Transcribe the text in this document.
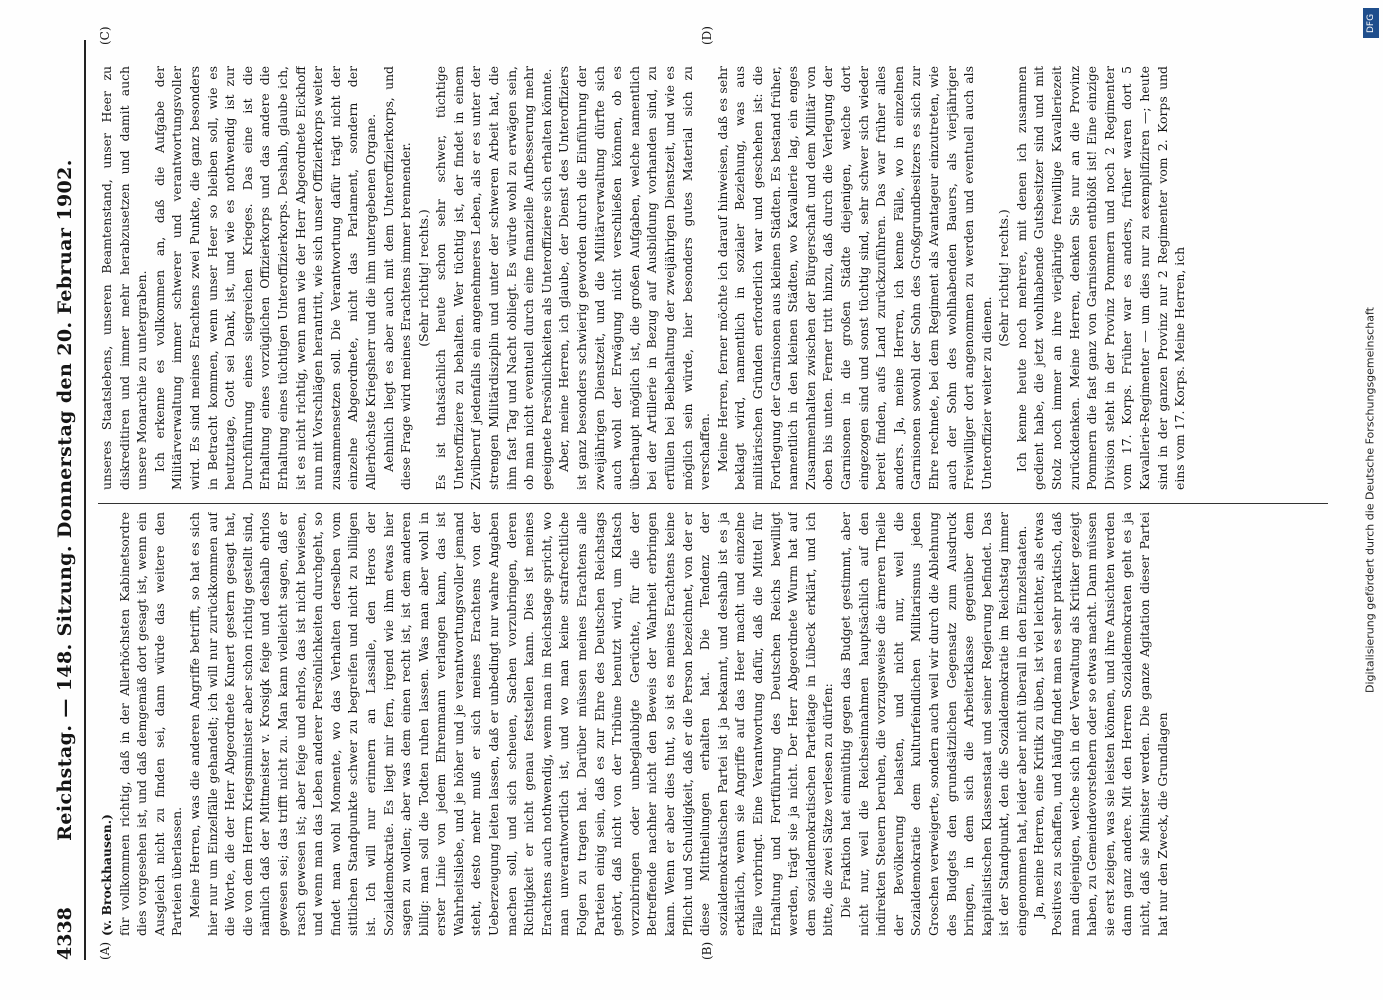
4338
Reichstag. — 148. Sitzung. Donnerstag den 20. Februar 1902.
(A)	(B)
(C)	(D)

(v. Brockhausen.) für vollkommen richtig, daß in der Allerhöchsten Kabinetsordre dies vorgesehen ist, und daß demgemäß dort gesagt ist, wenn ein Ausgleich nicht zu finden sei, dann würde das weitere den Parteien überlassen. Meine Herren, was die anderen Angriffe betrifft, so hat es sich hier nur um Einzelfälle gehandelt; ich will nur zurückkommen auf die Worte, die der Herr Abgeordnete Kunert gestern gesagt hat, die von dem Herrn Kriegsminister aber schon richtig gestellt sind, nämlich daß der Mittmeister v. Krosigk feige und deshalb ehrlos gewesen sei; das trifft nicht zu. Man kann vielleicht sagen, daß er rasch gewesen ist; aber feige und ehrlos, das ist nicht bewiesen, und wenn man das Leben anderer Persönlichkeiten durchgeht, so findet man wohl Momente, wo das Verhalten derselben vom sittlichen Standpunkte schwer zu begreifen und nicht zu billigen ist. Ich will nur erinnern an Lassalle, den Heros der Sozialdemokratie. Es liegt mir fern, irgend wie ihm etwas hier sagen zu wollen; aber was dem einen recht ist, ist dem anderen billig: man soll die Todten ruhen lassen. Was man aber wohl in erster Linie von jedem Ehrenmann verlangen kann, das ist Wahrheitsliebe, und je höher und je verantwortungsvoller jemand steht, desto mehr muß er sich meines Erachtens von der Ueberzeugung leiten lassen, daß er unbedingt nur wahre Angaben machen soll, und sich scheuen, Sachen vorzubringen, deren Richtigkeit er nicht genau feststellen kann. Dies ist meines Erachtens auch nothwendig, wenn man im Reichstage spricht, wo man unverantwortlich ist, und wo man keine strafrechtliche Folgen zu tragen hat. Darüber müssen meines Erachtens alle Parteien einig sein, daß es zur Ehre des Deutschen Reichstags gehört, daß nicht von der Tribüne benutzt wird, um Klatsch vorzubringen oder unbeglaubigte Gerüchte, für die der Betreffende nachher nicht den Beweis der Wahrheit erbringen kann. Wenn er aber dies thut, so ist es meines Erachtens keine Pflicht und Schuldigkeit, daß er die Person bezeichnet, von der er diese Mittheilungen erhalten hat. Die Tendenz der sozialdemokratischen Partei ist ja bekannt, und deshalb ist es ja erklärlich, wenn sie Angriffe auf das Heer macht und einzelne Fälle vorbringt. Eine Verantwortung dafür, daß die Mittel für Erhaltung und Fortführung des Deutschen Reichs bewilligt werden, trägt sie ja nicht. Der Herr Abgeordnete Wurm hat auf dem sozialdemokratischen Parteitage in Lübeck erklärt, und ich bitte, die zwei Sätze verlesen zu dürfen: Die Fraktion hat einmüthig gegen das Budget gestimmt, aber nicht nur, weil die Reichseinnahmen hauptsächlich auf den indirekten Steuern beruhen, die vorzugsweise die ärmeren Theile der Bevölkerung belasten, und nicht nur, weil die Sozialdemokratie dem kulturfeindlichen Militarismus jeden Groschen verweigerte, sondern auch weil wir durch die Ablehnung des Budgets den grundsätzlichen Gegensatz zum Ausdruck bringen, in dem sich die Arbeiterklasse gegenüber dem kapitalistischen Klassenstaat und seiner Regierung befindet. Das ist der Standpunkt, den die Sozialdemokratie im Reichstag immer eingenommen hat, leider aber nicht überall in den Einzelstaaten. Ja, meine Herren, eine Kritik zu üben, ist viel leichter, als etwas Positives zu schaffen, und häufig findet man es sehr praktisch, daß man diejenigen, welche sich in der Verwaltung als Kritiker gezeigt haben, zu Gemeindevorstehern oder so etwas macht. Dann müssen sie erst zeigen, was sie leisten können, und ihre Ansichten werden dann ganz andere. Mit den Herren Sozialdemokraten geht es ja nicht, daß sie Minister werden. Die ganze Agitation dieser Partei hat nur den Zweck, die Grundlagen

unseres Staatslebens, unseren Beamtenstand, unser Heer zu diskreditiren und immer mehr herabzusetzen und damit auch unsere Monarchie zu untergraben. Ich erkenne es vollkommen an, daß die Aufgabe der Militärverwaltung immer schwerer und verantwortungsvoller wird. Es sind meines Erachtens zwei Punkte, die ganz besonders in Betracht kommen, wenn unser Heer so bleiben soll, wie es heutzutage, Gott sei Dank, ist, und wie es nothwendig ist zur Durchführung eines siegreichen Krieges. Das eine ist die Erhaltung eines vorzüglichen Offizierkorps und das andere die Erhaltung eines tüchtigen Unteroffizierkorps. Deshalb, glaube ich, ist es nicht richtig, wenn man wie der Herr Abgeordnete Eickhoff nun mit Vorschlägen herantritt, wie sich unser Offizierkorps weiter zusammensetzen soll. Die Verantwortung dafür trägt nicht der einzelne Abgeordnete, nicht das Parlament, sondern der Allerhöchste Kriegsherr und die ihm untergebenen Organe. Aehnlich liegt es aber auch mit dem Unteroffizierkorps, und diese Frage wird meines Erachtens immer brennender. (Sehr richtig! rechts.) Es ist thatsächlich heute schon sehr schwer, tüchtige Unteroffiziere zu behalten. Wer tüchtig ist, der findet in einem Zivilberuf jedenfalls ein angenehmeres Leben, als er es unter der strengen Militärdisziplin und unter der schweren Arbeit hat, die ihm fast Tag und Nacht obliegt. Es würde wohl zu erwägen sein, ob man nicht eventuell durch eine finanzielle Aufbesserung mehr geeignete Persönlichkeiten als Unteroffiziere sich erhalten könnte. Aber, meine Herren, ich glaube, der Dienst des Unteroffiziers ist ganz besonders schwierig geworden durch die Einführung der zweijährigen Dienstzeit, und die Militärverwaltung dürfte sich auch wohl der Erwägung nicht verschließen können, ob es überhaupt möglich ist, die großen Aufgaben, welche namentlich bei der Artillerie in Bezug auf Ausbildung vorhanden sind, zu erfüllen bei Beibehaltung der zweijährigen Dienstzeit, und wie es möglich sein würde, hier besonders gutes Material sich zu verschaffen. Meine Herren, ferner möchte ich darauf hinweisen, daß es sehr beklagt wird, namentlich in sozialer Beziehung, was aus militärischen Gründen erforderlich war und geschehen ist: die Fortlegung der Garnisonen aus kleinen Städten. Es bestand früher, namentlich in den kleinen Städten, wo Kavallerie lag, ein enges Zusammenhalten zwischen der Bürgerschaft und dem Militär von oben bis unten. Ferner tritt hinzu, daß durch die Verlegung der Garnisonen in die großen Städte diejenigen, welche dort eingezogen sind und sonst tüchtig sind, sehr schwer sich wieder bereit finden, aufs Land zurückzuführen. Das war früher alles anders. Ja, meine Herren, ich kenne Fälle, wo in einzelnen Garnisonen sowohl der Sohn des Großgrundbesitzers es sich zur Ehre rechnete, bei dem Regiment als Avantageur einzutreten, wie auch der Sohn des wohlhabenden Bauers, als vierjähriger Freiwilliger dort angenommen zu werden und eventuell auch als Unteroffizier weiter zu dienen.

(Sehr richtig! rechts.) Ich kenne heute noch mehrere, mit denen ich zusammen gedient habe, die jetzt wohlhabende Gutsbesitzer sind und mit Stolz noch immer an ihre vierjährige freiwillige Kavalleriezeit zurückdenken. Meine Herren, denken Sie nur an die Provinz Pommern die fast ganz von Garnisonen entblößt ist! Eine einzige Division steht in der Provinz Pommern und noch 2 Regimenter vom 17. Korps. Früher war es anders, früher waren dort 5 Kavallerie-Regimenter — um dies nur zu exemplifiziren —; heute sind in der ganzen Provinz nur 2 Regimenter vom 2. Korps und eins vom 17. Korps. Meine Herren, ich

DFG
Digitalisierung gefördert durch die Deutsche Forschungsgemeinschaft
